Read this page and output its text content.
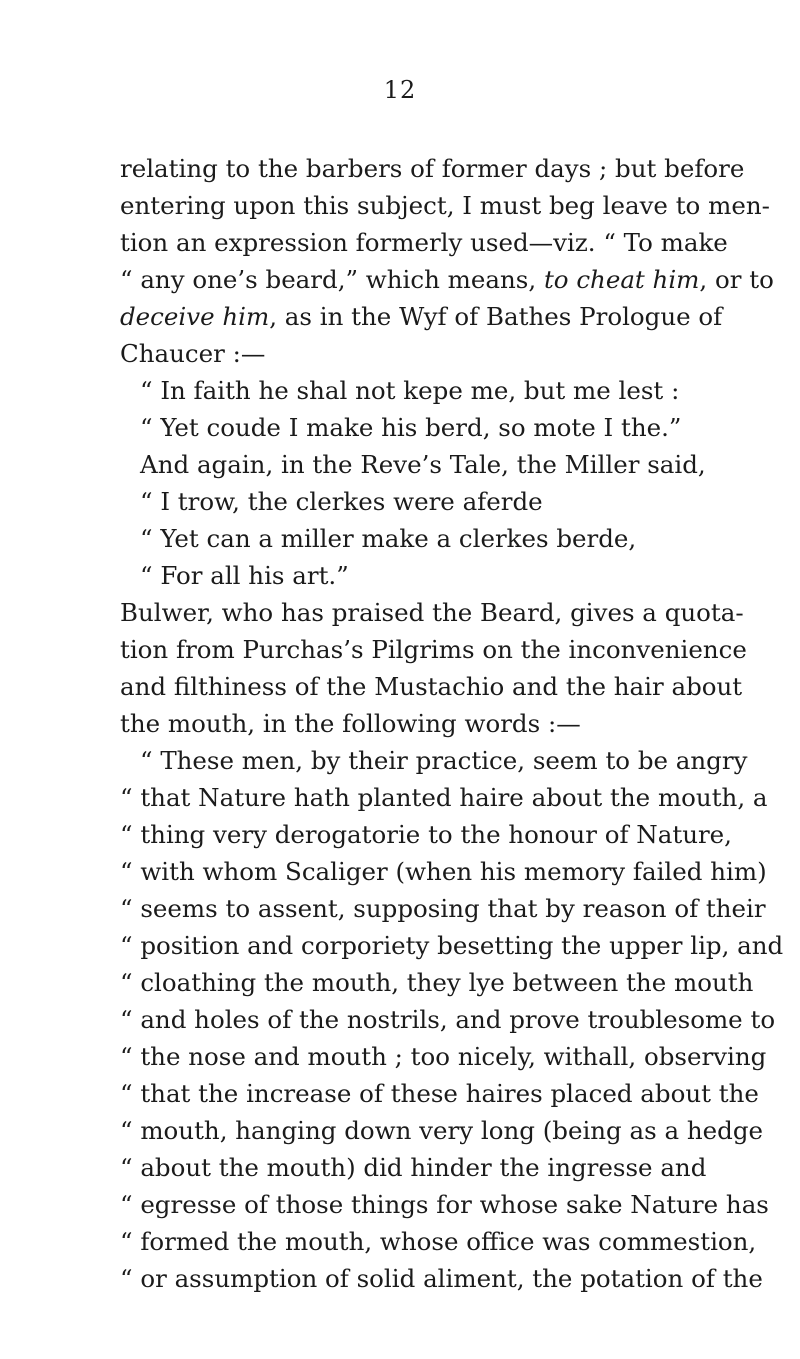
12
relating to the barbers of former days ; but before
entering upon this subject, I must beg leave to men-
tion an expression formerly used—viz. “ To make
“ any one’s beard,” which means, to cheat him, or to
deceive him, as in the Wyf of Bathes Prologue of
Chaucer :—
“ In faith he shal not kepe me, but me lest :
“ Yet coude I make his berd, so mote I the.”
And again, in the Reve’s Tale, the Miller said,
“ I trow, the clerkes were aferde
“ Yet can a miller make a clerkes berde,
“ For all his art.”
Bulwer, who has praised the Beard, gives a quota-
tion from Purchas’s Pilgrims on the inconvenience
and filthiness of the Mustachio and the hair about
the mouth, in the following words :—
“ These men, by their practice, seem to be angry
“ that Nature hath planted haire about the mouth, a
“ thing very derogatorie to the honour of Nature,
“ with whom Scaliger (when his memory failed him)
“ seems to assent, supposing that by reason of their
“ position and corporiety besetting the upper lip, and
“ cloathing the mouth, they lye between the mouth
“ and holes of the nostrils, and prove troublesome to
“ the nose and mouth ; too nicely, withall, observing
“ that the increase of these haires placed about the
“ mouth, hanging down very long (being as a hedge
“ about the mouth) did hinder the ingresse and
“ egresse of those things for whose sake Nature has
“ formed the mouth, whose office was commestion,
“ or assumption of solid aliment, the potation of the
